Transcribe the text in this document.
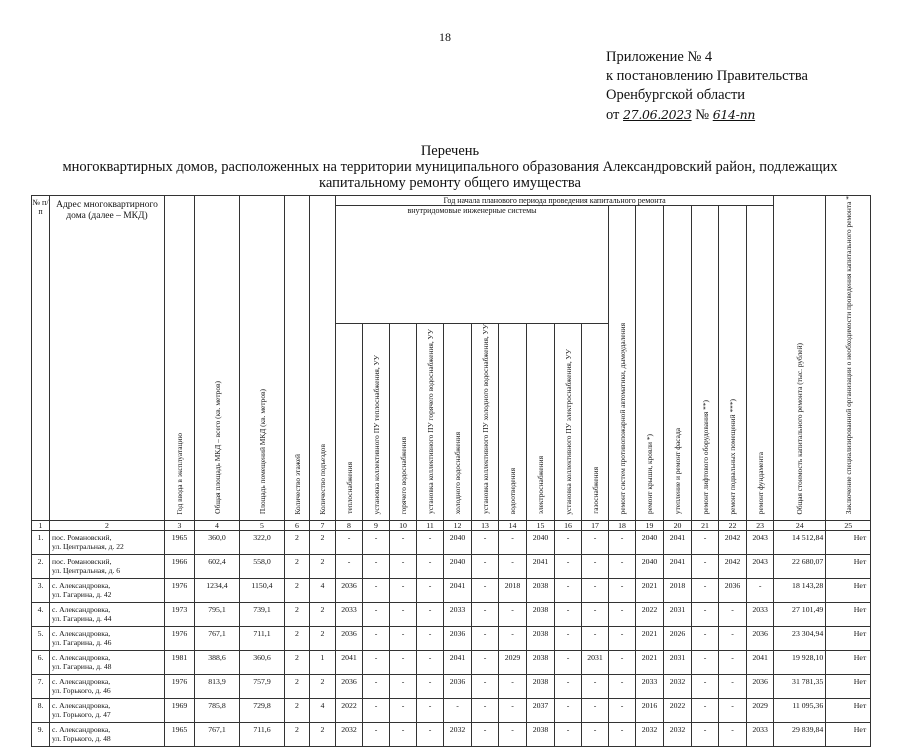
18
Приложение № 4
к постановлению Правительства
Оренбургской области
от 27.06.2023 № 614-пп
Перечень
многоквартирных домов, расположенных на территории муниципального образования Александровский район, подлежащих капитальному ремонту общего имущества
№ п/п	Адрес многоквартирного дома (далее – МКД)	Год ввода в эксплуатацию	Общая площадь МКД – всего (кв. метров)	Площадь помещений МКД (кв. метров)	Количество этажей	Количество подъездов	Год начала планового периода проведения капитального ремонта																Общая стоимость капитального ремонта (тыс. рублей)	Заключение специализированной организации о необходимости проведения капитального ремонта *
							внутридомовые инженерные системы										ремонт систем противопожарной автоматики, дымоудаления	ремонт крыши, кровли *)	утепление и ремонт фасада	ремонт лифтового оборудования **)	ремонт подвальных помещений ***)	ремонт фундамента		
							теплоснабжения	установка коллективного ПУ теплоснабжения, УУ	горячего водоснабжения	установка коллективного ПУ горячего водоснабжения, УУ	холодного водоснабжения	установка коллективного ПУ холодного водоснабжения, УУ	водоотведения	электроснабжения	установка коллективного ПУ электроснабжения, УУ	газоснабжения								
1	2	3	4	5	6	7	8	9	10	11	12	13	14	15	16	17	18	19	20	21	22	23	24	25
1.	пос. Романовский,
ул. Центральная, д. 22	1965	360,0	322,0	2	2	-	-	-	-	2040	-	-	2040	-	-	-	2040	2041	-	2042	2043	14 512,84	Нет
2.	пос. Романовский,
ул. Центральная, д. 6	1966	602,4	558,0	2	2	-	-	-	-	2040	-	-	2041	-	-	-	2040	2041	-	2042	2043	22 680,07	Нет
3.	с. Александровка,
ул. Гагарина, д. 42	1976	1234,4	1150,4	2	4	2036	-	-	-	2041	-	2018	2038	-	-	-	2021	2018	-	2036	-	18 143,28	Нет
4.	с. Александровка,
ул. Гагарина, д. 44	1973	795,1	739,1	2	2	2033	-	-	-	2033	-	-	2038	-	-	-	2022	2031	-	-	2033	27 101,49	Нет
5.	с. Александровка,
ул. Гагарина, д. 46	1976	767,1	711,1	2	2	2036	-	-	-	2036	-	-	2038	-	-	-	2021	2026	-	-	2036	23 304,94	Нет
6.	с. Александровка,
ул. Гагарина, д. 48	1981	388,6	360,6	2	1	2041	-	-	-	2041	-	2029	2038	-	2031	-	2021	2031	-	-	2041	19 928,10	Нет
7.	с. Александровка,
ул. Горького, д. 46	1976	813,9	757,9	2	2	2036	-	-	-	2036	-	-	2038	-	-	-	2033	2032	-	-	2036	31 781,35	Нет
8.	с. Александровка,
ул. Горького, д. 47	1969	785,8	729,8	2	4	2022	-	-	-	-	-	-	2037	-	-	-	2016	2022	-	-	2029	11 095,36	Нет
9.	с. Александровка,
ул. Горького, д. 48	1965	767,1	711,6	2	2	2032	-	-	-	2032	-	-	2038	-	-	-	2032	2032	-	-	2033	29 839,84	Нет
